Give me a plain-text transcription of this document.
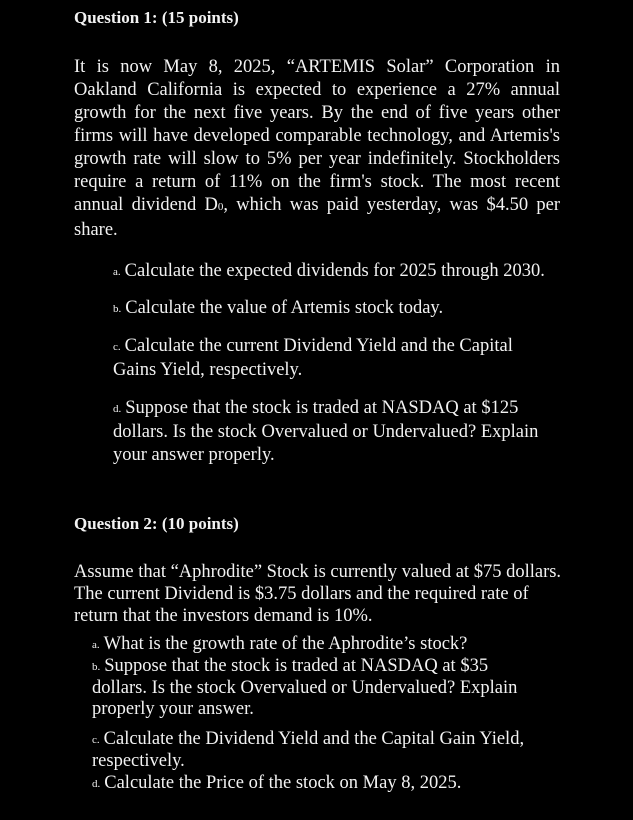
Question 1: (15 points)
It is now May 8, 2025, “ARTEMIS Solar” Corporation in Oakland California is expected to experience a 27% annual growth for the next five years. By the end of five years other firms will have developed comparable technology, and Artemis's growth rate will slow to 5% per year indefinitely. Stockholders require a return of 11% on the firm's stock. The most recent annual dividend D0, which was paid yesterday, was $4.50 per share.
a. Calculate the expected dividends for 2025 through 2030.
b. Calculate the value of Artemis stock today.
c. Calculate the current Dividend Yield and the Capital Gains Yield, respectively.
d. Suppose that the stock is traded at NASDAQ at $125 dollars. Is the stock Overvalued or Undervalued? Explain your answer properly.
Question 2: (10 points)
Assume that “Aphrodite” Stock is currently valued at $75 dollars. The current Dividend is $3.75 dollars and the required rate of return that the investors demand is 10%.
a. What is the growth rate of the Aphrodite’s stock?
b. Suppose that the stock is traded at NASDAQ at $35 dollars. Is the stock Overvalued or Undervalued? Explain properly your answer.
c. Calculate the Dividend Yield and the Capital Gain Yield, respectively.
d. Calculate the Price of the stock on May 8, 2025.
